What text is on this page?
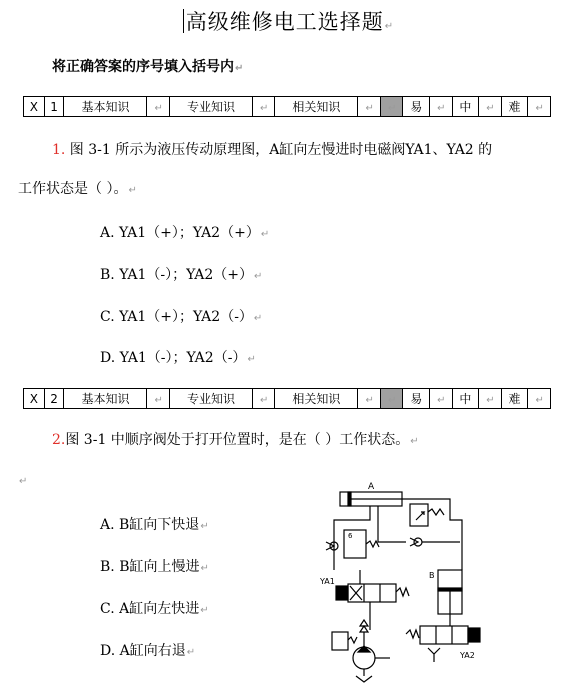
高级维修电工选择题↵
将正确答案的序号填入括号内↵
X	1	基本知识	↵	专业知识	↵	相关知识	↵	↵	易	↵	中	↵	难	↵
1. 图 3-1 所示为液压传动原理图，A缸向左慢进时电磁阀YA1、YA2 的
工作状态是（ ）。↵
A. YA1（+）；YA2（+）↵
B. YA1（-）；YA2（+）↵
C. YA1（+）；YA2（-）↵
D. YA1（-）；YA2（-）↵
X	2	基本知识	↵	专业知识	↵	相关知识	↵	↵	易	↵	中	↵	难	↵
2.图 3-1 中顺序阀处于打开位置时，是在（ ）工作状态。↵
↵
A. B缸向下快退↵
B. B缸向上慢进↵
C. A缸向左快进↵
D. A缸向右退↵
A
6
B
YA1
YA2
